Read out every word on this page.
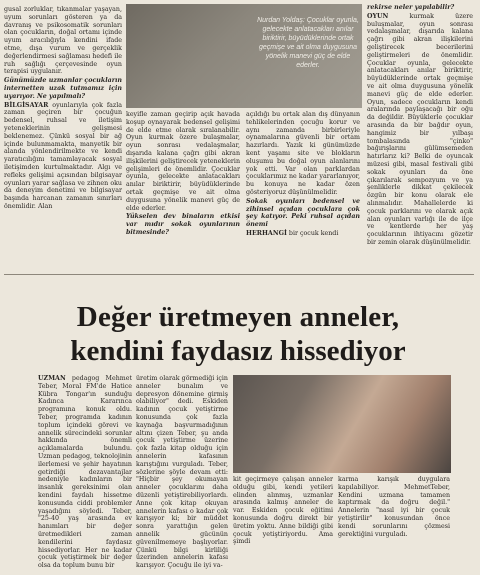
gusal zorluklar, tıkanmalar yaşayan, uyum sorunları gösteren ya da davranış ve psikosomatik sorunları olan çocukların, doğal ortamı içinde uyum aracılığıyla kendini ifade etme, dışa vurum ve gerçeklik değerlendirmesi sağlaması hedefi ile ruh sağlığı çerçevesinde oyun terapisi uygulanır.

Günümüzde uzmanlar çocukların internetten uzak tutmamız için uyarıyor. Ne yapılmalı?

BİLGİSAYAR oyunlarıyla çok fazla zaman geçiren bir çocuğun bedensel, ruhsal ve iletişim yeteneklerinin gelişmesi beklenemez. Çünkü sosyal bir ağ içinde bulunmamakta, manyetik bir alanda yönlendirilmekte ve kendi yaratıcılığını tamamlayacak sosyal iletişimden kurtulmaktadır. Algı ve refleks gelişimi açısından bilgisayar oyunları yarar sağlasa ve zihnen oku da deneyim denetimi ve bilgisayar başında harcanan zamanın sınırları önemlidir. Alan

Nurdan Yoldaş: Çocuklar oyunla, gelecekte anlatacakları anılar biriktirir, büyüdüklerinde ortak geçmişe ve ait olma duygusuna yönelik manevi güç de elde ederler.

keyifle zaman geçirip açık havada koşup oynayarak bedensel gelişimi de elde etme olarak sıralanabilir. Oyun kurmak özere bulaşmalar, oyun sonrası vedalaşmalar, dışarıda kalana çağrı gibi akran ilişkilerini geliştirecek yeteneklerin gelişimleri de önemlidir. Çocuklar oyunla, gelecekte anlatacakları anılar biriktirir, büyüdüklerinde ortak geçmişe ve ait olma duygusuna yönelik manevi güç de elde ederler.

Yükselen dev binaların etkisi var mıdır sokak oyunlarının bitmesinde?

açıldığı bu ortak alan dış dünyanın tehlikelerinden çocuğu korur ve aynı zamanda birbirleriyle oynamalarına güvenli bir ortam hazırlardı. Yazık ki günümüzde kent yaşamı site ve blokların oluşumu bu doğal oyun alanlarını yok etti. Var olan parklardan çocuklarımız ne kadar yararlanıyor, bu konuya ne kadar özen gösteriyoruz düşünülmelidir.

Sokak oyunları bedensel ve zihinsel açıdan çocuklara çok şey katıyor. Peki ruhsal açıdan önemi

HERHANGİ bir çocuk kendi

rekirse neler yapılabilir?

OYUN	kurmak üzere buluşmalar, oyun sonrası vedalaşmalar, dışarıda kalana çağrı gibi akran ilişkilerini geliştirecek becerilerini geliştirmeleri de önemlidir. Çocuklar oyunla, gelecekte anlatacakları anılar biriktirir, büyüdüklerinde ortak geçmişe ve ait olma duygusuna yönelik manevi güç de elde ederler. Oyun, sadece çocukların kendi aralarında paylaşacağı bir oğu da değildir. Büyüklerle çocuklar arasında da bir bağdır oyun, hangimiz bir yılbaşı tombalasında "çinko" bağırışlarını gülümsemeden hatırlarız ki? Belki de oyuncak müzesi gibi, masal festivali gibi sokak oyunları da öne çıkarılarak sempozyum ve ya şenliklerle dikkat çekilecek özgün bir konu olarak ele alınmalıdır. Mahallelerde ki çocuk parklarını ve olarak açık alan oyunları varlığı ile de ilçe ve kentlerde her yaş çocuklarının ihtiyacını gözetir bir zemin olarak düşünülmelidir.

Değer üretmeyen anneler,
kendini faydasız hissediyor

UZMAN pedagog Mehmet Teber, Moral FM'de Hatice Kübra Tongar'ın sunduğu Kadınca Kararınca programına konuk oldu. Teber, programda kadının toplum içindeki görevi ve annelik sürecindeki sorunlar hakkında önemli açıklamalarda bulundu. Uzman pedagog, teknolojinin ilerlemesi ve şehir hayatının getirdiği dezavantajlar nedeniyle kadınların bir insanlık gereksinimi olan kendini faydalı hissetme konusunda ciddi problemler yaşadığını söyledi. Teber, "25-40 yaş arasında ev hanımları bir değer üretmedikleri zaman kendilerini faydasız hissediyorlar. Her ne kadar çocuk yetiştirmek bir değer olsa da toplum bunu bir

üretim olarak görmediği için anneler bunalım ve depresyon dönemine girmiş olabiliyor" dedi. Eskiden kadının çocuk yetiştirme konusunda çok fazla kaynağa başvurmadığının altını çizen Teber, şu anda çocuk yetiştirme üzerine çok fazla kitap olduğu için annelerin kafasının karıştığını vurguladı. Teber, sözlerine şöyle devam etti: "Hiçbir şey okumayan anneler çocuklarını daha düzenli yetiştirebiliyorlardı. Anne çok kitap okuyan annelerin kafası o kadar çok karışıyor ki; bir müddet sonra yarattığın gelen annelik gücünün güvenilmemeye başlıyorlar. Çünkü bilgi kirliliği üzerinden annelerin kafası karışıyor. Çocuğu ile iyi va-

kit geçirmeye çalışan anneler olduğu gibi, kendi yetileri elinden alınmış, uzmanlar arasında kalmış anneler de var. Eskiden çocuk eğitimi konusunda doğru direkt bir üretim yoktu. Anne bildiği gibi çocuk yetiştiriyordu. Ama şimdi

karma karışık duygulara kapılabiliyor. MehmetTeber, Kendini uzmana tamamen kaptırmak da doğru değil." Annelerin "nasıl iyi bir çocuk yetiştirilir" konusundan önce kendi sorunlarını çözmesi gerektiğini vurguladı.
